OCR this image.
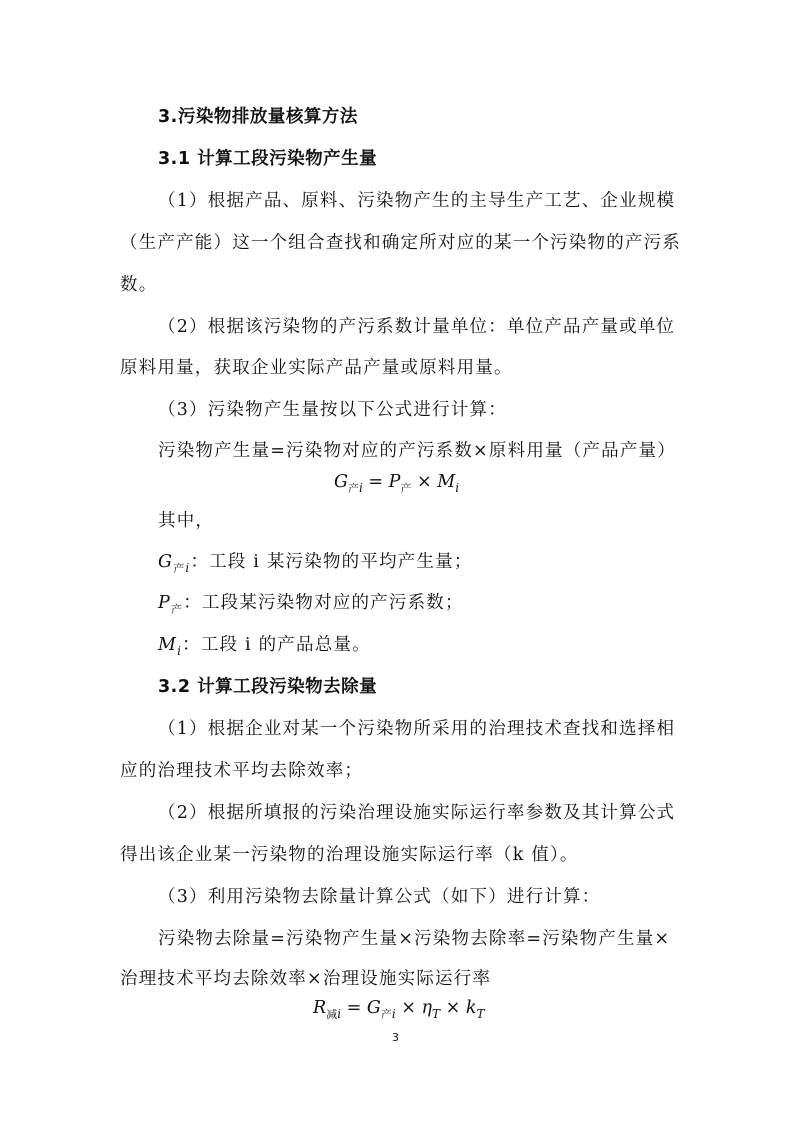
3.污染物排放量核算方法
3.1 计算工段污染物产生量
（1）根据产品、原料、污染物产生的主导生产工艺、企业规模
（生产产能）这一个组合查找和确定所对应的某一个污染物的产污系
数。
（2）根据该污染物的产污系数计量单位：单位产品产量或单位
原料用量，获取企业实际产品产量或原料用量。
（3）污染物产生量按以下公式进行计算：
污染物产生量=污染物对应的产污系数×原料用量（产品产量）
$G_{产i} = P_产 \times M_i$
其中，
$G_{产i}$：工段 i 某污染物的平均产生量；
$P_产$：工段某污染物对应的产污系数；
$M_i$：工段 i 的产品总量。
3.2 计算工段污染物去除量
（1）根据企业对某一个污染物所采用的治理技术查找和选择相
应的治理技术平均去除效率；
（2）根据所填报的污染治理设施实际运行率参数及其计算公式
得出该企业某一污染物的治理设施实际运行率（k 值）。
（3）利用污染物去除量计算公式（如下）进行计算：
污染物去除量=污染物产生量×污染物去除率=污染物产生量×
治理技术平均去除效率×治理设施实际运行率
$R_{减i} = G_{产i} \times \eta_T \times k_T$
3
